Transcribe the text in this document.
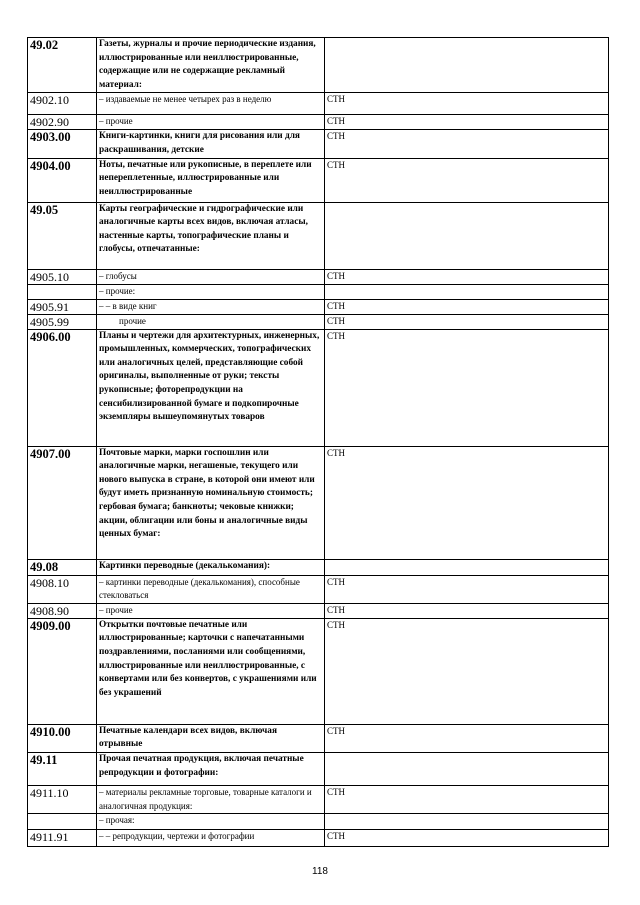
49.02	Газеты, журналы и прочие периодические издания, иллюстрированные или неиллюстрированные, содержащие или не содержащие рекламный материал:	
4902.10	– издаваемые не менее четырех раз в неделю	СТН
4902.90	– прочие	СТН
4903.00	Книги-картинки, книги для рисования или для раскрашивания, детские	СТН
4904.00	Ноты, печатные или рукописные, в переплете или непереплетенные, иллюстрированные или неиллюстрированные	СТН
49.05	Карты географические и гидрографические или аналогичные карты всех видов, включая атласы, настенные карты, топографические планы и глобусы, отпечатанные:	
4905.10	– глобусы	СТН
	– прочие:	
4905.91	– – в виде книг	СТН
4905.99	прочие	СТН
4906.00	Планы и чертежи для архитектурных, инженерных, промышленных, коммерческих, топографических или аналогичных целей, представляющие собой оригиналы, выполненные от руки; тексты рукописные; фоторепродукции на сенсибилизированной бумаге и подкопирочные экземпляры вышеупомянутых товаров	СТН
4907.00	Почтовые марки, марки госпошлин или аналогичные марки, негашеные, текущего или нового выпуска в стране, в которой они имеют или будут иметь признанную номинальную стоимость; гербовая бумага; банкноты; чековые книжки; акции, облигации или боны и аналогичные виды ценных бумаг:	СТН
49.08	Картинки переводные (декалькомания):	
4908.10	– картинки переводные (декалькомания), способные стекловаться	СТН
4908.90	– прочие	СТН
4909.00	Открытки почтовые печатные или иллюстрированные; карточки с напечатанными поздравлениями, посланиями или сообщениями, иллюстрированные или неиллюстрированные, с конвертами или без конвертов, с украшениями или без украшений	СТН
4910.00	Печатные календари всех видов, включая отрывные	СТН
49.11	Прочая печатная продукция, включая печатные репродукции и фотографии:	
4911.10	– материалы рекламные торговые, товарные каталоги и аналогичная продукция:	СТН
	– прочая:	
4911.91	– – репродукции, чертежи и фотографии	СТН
118
